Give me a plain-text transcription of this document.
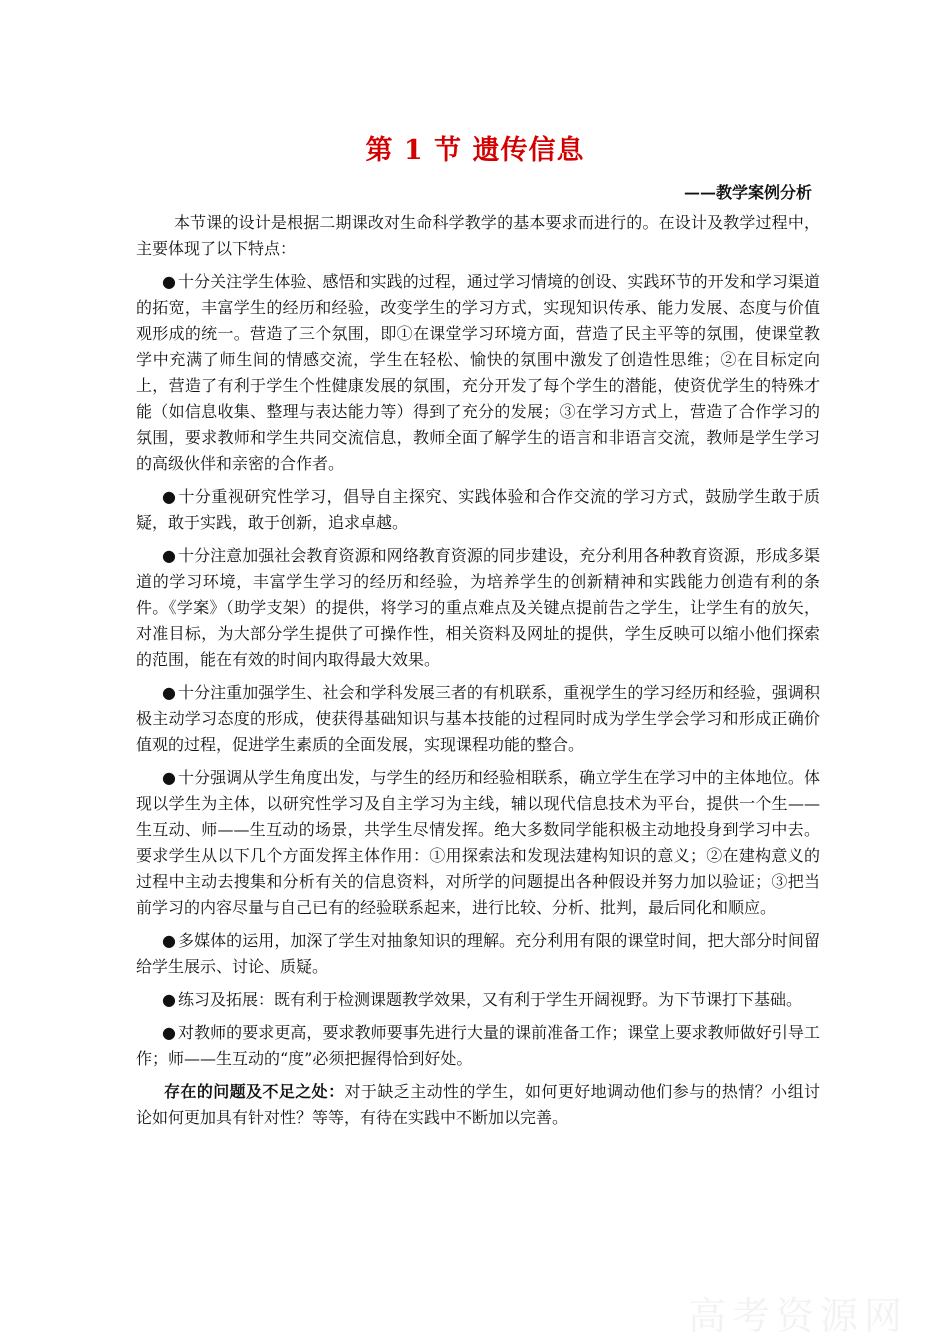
第 1 节 遗传信息
——教学案例分析

本节课的设计是根据二期课改对生命科学教学的基本要求而进行的。在设计及教学过程中，主要体现了以下特点：

● 十分关注学生体验、感悟和实践的过程，通过学习情境的创设、实践环节的开发和学习渠道的拓宽，丰富学生的经历和经验，改变学生的学习方式，实现知识传承、能力发展、态度与价值观形成的统一。营造了三个氛围，即①在课堂学习环境方面，营造了民主平等的氛围，使课堂教学中充满了师生间的情感交流，学生在轻松、愉快的氛围中激发了创造性思维；②在目标定向上，营造了有利于学生个性健康发展的氛围，充分开发了每个学生的潜能，使资优学生的特殊才能（如信息收集、整理与表达能力等）得到了充分的发展；③在学习方式上，营造了合作学习的氛围，要求教师和学生共同交流信息，教师全面了解学生的语言和非语言交流，教师是学生学习的高级伙伴和亲密的合作者。

● 十分重视研究性学习，倡导自主探究、实践体验和合作交流的学习方式，鼓励学生敢于质疑，敢于实践，敢于创新，追求卓越。

● 十分注意加强社会教育资源和网络教育资源的同步建设，充分利用各种教育资源，形成多渠道的学习环境，丰富学生学习的经历和经验，为培养学生的创新精神和实践能力创造有利的条件。《学案》（助学支架）的提供，将学习的重点难点及关键点提前告之学生，让学生有的放矢，对准目标，为大部分学生提供了可操作性，相关资料及网址的提供，学生反映可以缩小他们探索的范围，能在有效的时间内取得最大效果。

● 十分注重加强学生、社会和学科发展三者的有机联系，重视学生的学习经历和经验，强调积极主动学习态度的形成，使获得基础知识与基本技能的过程同时成为学生学会学习和形成正确价值观的过程，促进学生素质的全面发展，实现课程功能的整合。

● 十分强调从学生角度出发，与学生的经历和经验相联系，确立学生在学习中的主体地位。体现以学生为主体，以研究性学习及自主学习为主线，辅以现代信息技术为平台，提供一个生——生互动、师——生互动的场景，共学生尽情发挥。绝大多数同学能积极主动地投身到学习中去。要求学生从以下几个方面发挥主体作用：①用探索法和发现法建构知识的意义；②在建构意义的过程中主动去搜集和分析有关的信息资料，对所学的问题提出各种假设并努力加以验证；③把当前学习的内容尽量与自己已有的经验联系起来，进行比较、分析、批判，最后同化和顺应。

● 多媒体的运用，加深了学生对抽象知识的理解。充分利用有限的课堂时间，把大部分时间留给学生展示、讨论、质疑。

● 练习及拓展：既有利于检测课题教学效果，又有利于学生开阔视野。为下节课打下基础。

● 对教师的要求更高，要求教师要事先进行大量的课前准备工作；课堂上要求教师做好引导工作；师——生互动的“度”必须把握得恰到好处。

存在的问题及不足之处：对于缺乏主动性的学生，如何更好地调动他们参与的热情？小组讨论如何更加具有针对性？等等，有待在实践中不断加以完善。

高考资源网
